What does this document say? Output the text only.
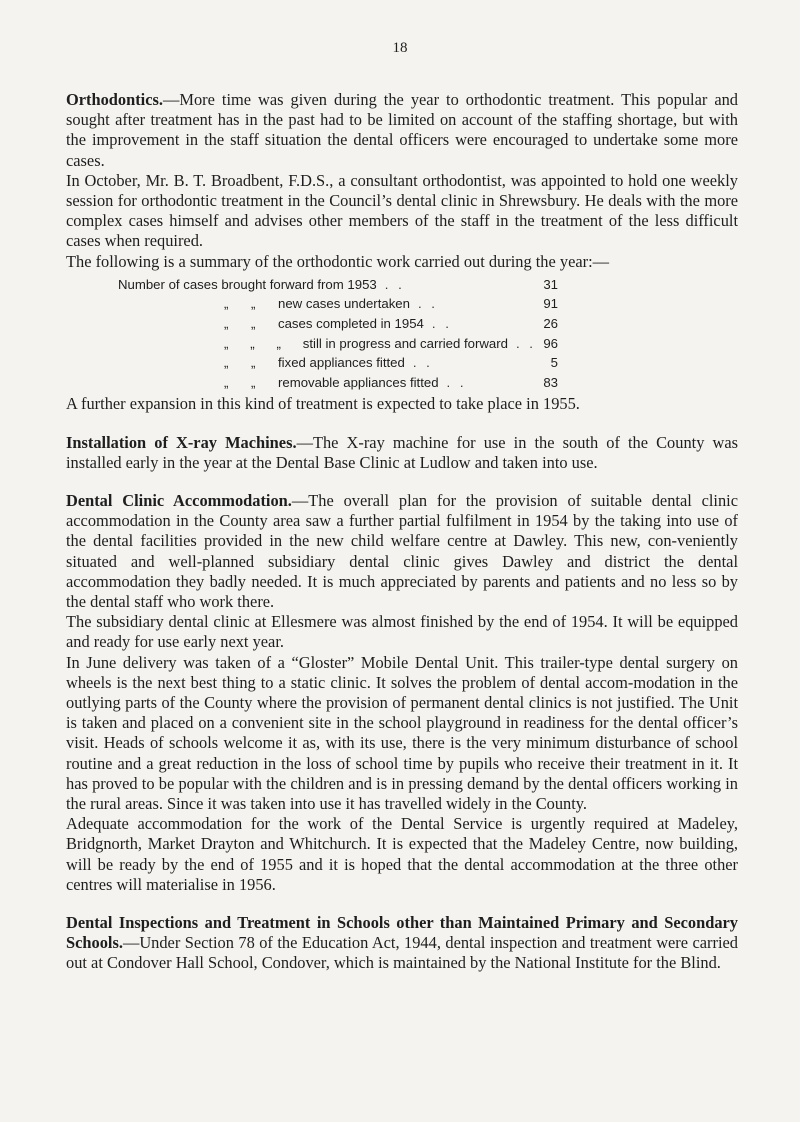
18

Orthodontics.—More time was given during the year to orthodontic treatment. This popular and sought after treatment has in the past had to be limited on account of the staffing shortage, but with the improvement in the staff situation the dental officers were encouraged to undertake some more cases.

In October, Mr. B. T. Broadbent, F.D.S., a consultant orthodontist, was appointed to hold one weekly session for orthodontic treatment in the Council’s dental clinic in Shrewsbury. He deals with the more complex cases himself and advises other members of the staff in the treatment of the less difficult cases when required.

The following is a summary of the orthodontic work carried out during the year:—

Number of cases brought forward from 1953 . .	31
„	„	new cases undertaken . .	91
„	„	cases completed in 1954 . .	26
„	„	„	still in progress and carried forward . . 96
„	„	fixed appliances fitted . .	5
„	„	removable appliances fitted . .	83

A further expansion in this kind of treatment is expected to take place in 1955.

Installation of X-ray Machines.—The X-ray machine for use in the south of the County was installed early in the year at the Dental Base Clinic at Ludlow and taken into use.

Dental Clinic Accommodation.—The overall plan for the provision of suitable dental clinic accommodation in the County area saw a further partial fulfilment in 1954 by the taking into use of the dental facilities provided in the new child welfare centre at Dawley. This new, con-veniently situated and well-planned subsidiary dental clinic gives Dawley and district the dental accommodation they badly needed. It is much appreciated by parents and patients and no less so by the dental staff who work there.

The subsidiary dental clinic at Ellesmere was almost finished by the end of 1954. It will be equipped and ready for use early next year.

In June delivery was taken of a “Gloster” Mobile Dental Unit. This trailer-type dental surgery on wheels is the next best thing to a static clinic. It solves the problem of dental accom-modation in the outlying parts of the County where the provision of permanent dental clinics is not justified. The Unit is taken and placed on a convenient site in the school playground in readiness for the dental officer’s visit. Heads of schools welcome it as, with its use, there is the very minimum disturbance of school routine and a great reduction in the loss of school time by pupils who receive their treatment in it. It has proved to be popular with the children and is in pressing demand by the dental officers working in the rural areas. Since it was taken into use it has travelled widely in the County.

Adequate accommodation for the work of the Dental Service is urgently required at Madeley, Bridgnorth, Market Drayton and Whitchurch. It is expected that the Madeley Centre, now building, will be ready by the end of 1955 and it is hoped that the dental accommodation at the three other centres will materialise in 1956.

Dental Inspections and Treatment in Schools other than Maintained Primary and Secondary Schools.—Under Section 78 of the Education Act, 1944, dental inspection and treatment were carried out at Condover Hall School, Condover, which is maintained by the National Institute for the Blind.
